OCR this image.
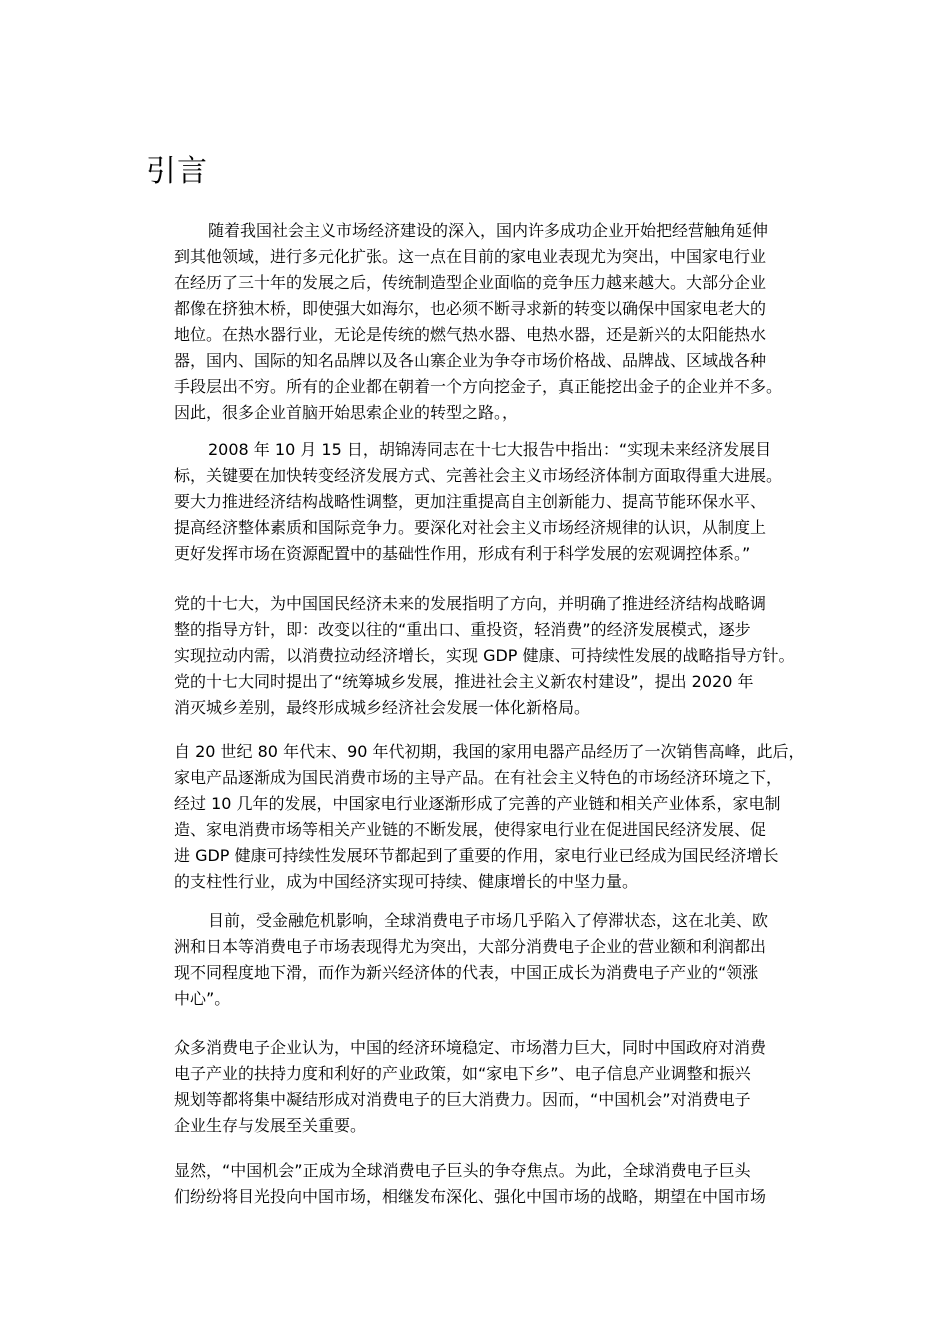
引言
随着我国社会主义市场经济建设的深入，国内许多成功企业开始把经营触角延伸
到其他领域，进行多元化扩张。这一点在目前的家电业表现尤为突出，中国家电行业
在经历了三十年的发展之后，传统制造型企业面临的竞争压力越来越大。大部分企业
都像在挤独木桥，即使强大如海尔，也必须不断寻求新的转变以确保中国家电老大的
地位。在热水器行业，无论是传统的燃气热水器、电热水器，还是新兴的太阳能热水
器，国内、国际的知名品牌以及各山寨企业为争夺市场价格战、品牌战、区域战各种
手段层出不穷。所有的企业都在朝着一个方向挖金子，真正能挖出金子的企业并不多。
因此，很多企业首脑开始思索企业的转型之路。，
2008 年 10 月 15 日，胡锦涛同志在十七大报告中指出：“实现未来经济发展目
标，关键要在加快转变经济发展方式、完善社会主义市场经济体制方面取得重大进展。
要大力推进经济结构战略性调整，更加注重提高自主创新能力、提高节能环保水平、
提高经济整体素质和国际竞争力。要深化对社会主义市场经济规律的认识，从制度上
更好发挥市场在资源配置中的基础性作用，形成有利于科学发展的宏观调控体系。”
党的十七大，为中国国民经济未来的发展指明了方向，并明确了推进经济结构战略调
整的指导方针，即：改变以往的“重出口、重投资，轻消费”的经济发展模式，逐步
实现拉动内需，以消费拉动经济增长，实现 GDP 健康、可持续性发展的战略指导方针。
党的十七大同时提出了“统筹城乡发展，推进社会主义新农村建设”，提出 2020 年
消灭城乡差别，最终形成城乡经济社会发展一体化新格局。
自 20 世纪 80 年代末、90 年代初期，我国的家用电器产品经历了一次销售高峰，此后，
家电产品逐渐成为国民消费市场的主导产品。在有社会主义特色的市场经济环境之下，
经过 10 几年的发展，中国家电行业逐渐形成了完善的产业链和相关产业体系，家电制
造、家电消费市场等相关产业链的不断发展，使得家电行业在促进国民经济发展、促
进 GDP 健康可持续性发展环节都起到了重要的作用，家电行业已经成为国民经济增长
的支柱性行业，成为中国经济实现可持续、健康增长的中坚力量。
目前，受金融危机影响，全球消费电子市场几乎陷入了停滞状态，这在北美、欧
洲和日本等消费电子市场表现得尤为突出，大部分消费电子企业的营业额和利润都出
现不同程度地下滑，而作为新兴经济体的代表，中国正成长为消费电子产业的“领涨
中心”。
众多消费电子企业认为，中国的经济环境稳定、市场潜力巨大，同时中国政府对消费
电子产业的扶持力度和利好的产业政策，如“家电下乡”、电子信息产业调整和振兴
规划等都将集中凝结形成对消费电子的巨大消费力。因而，“中国机会”对消费电子
企业生存与发展至关重要。
显然，“中国机会”正成为全球消费电子巨头的争夺焦点。为此，全球消费电子巨头
们纷纷将目光投向中国市场，相继发布深化、强化中国市场的战略，期望在中国市场
